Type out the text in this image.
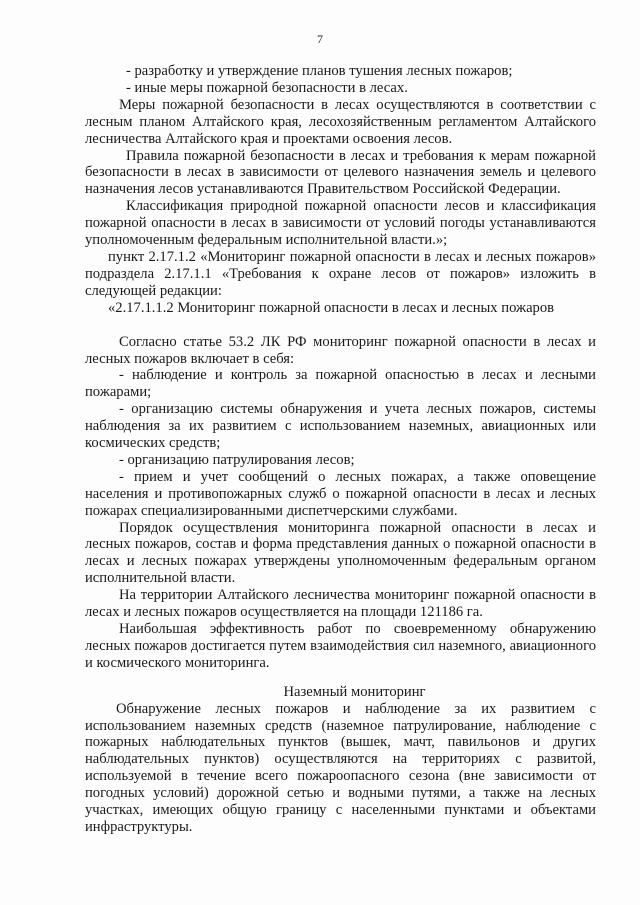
7

- разработку и утверждение планов тушения лесных пожаров;

- иные меры пожарной безопасности в лесах.

Меры пожарной безопасности в лесах осуществляются в соответствии с лесным планом Алтайского края, лесохозяйственным регламентом Алтайского лесничества Алтайского края и проектами освоения лесов.

Правила пожарной безопасности в лесах и требования к мерам пожарной безопасности в лесах в зависимости от целевого назначения земель и целевого назначения лесов устанавливаются Правительством Российской Федерации.

Классификация природной пожарной опасности лесов и классификация пожарной опасности в лесах в зависимости от условий погоды устанавливаются уполномоченным федеральным исполнительной власти.»;

пункт 2.17.1.2 «Мониторинг пожарной опасности в лесах и лесных пожаров» подраздела 2.17.1.1 «Требования к охране лесов от пожаров» изложить в следующей редакции:

«2.17.1.1.2 Мониторинг пожарной опасности в лесах и лесных пожаров

Согласно статье 53.2 ЛК РФ мониторинг пожарной опасности в лесах и лесных пожаров включает в себя:

- наблюдение и контроль за пожарной опасностью в лесах и лесными пожарами;

- организацию системы обнаружения и учета лесных пожаров, системы наблюдения за их развитием с использованием наземных, авиационных или космических средств;

- организацию патрулирования лесов;

- прием и учет сообщений о лесных пожарах, а также оповещение населения и противопожарных служб о пожарной опасности в лесах и лесных пожарах специализированными диспетчерскими службами.

Порядок осуществления мониторинга пожарной опасности в лесах и лесных пожаров, состав и форма представления данных о пожарной опасности в лесах и лесных пожарах утверждены уполномоченным федеральным органом исполнительной власти.

На территории Алтайского лесничества мониторинг пожарной опасности в лесах и лесных пожаров осуществляется на площади 121186 га.

Наибольшая эффективность работ по своевременному обнаружению лесных пожаров достигается путем взаимодействия сил наземного, авиационного и космического мониторинга.

Наземный мониторинг

Обнаружение лесных пожаров и наблюдение за их развитием с использованием наземных средств (наземное патрулирование, наблюдение с пожарных наблюдательных пунктов (вышек, мачт, павильонов и других наблюдательных пунктов) осуществляются на территориях с развитой, используемой в течение всего пожароопасного сезона (вне зависимости от погодных условий) дорожной сетью и водными путями, а также на лесных участках, имеющих общую границу с населенными пунктами и объектами инфраструктуры.
